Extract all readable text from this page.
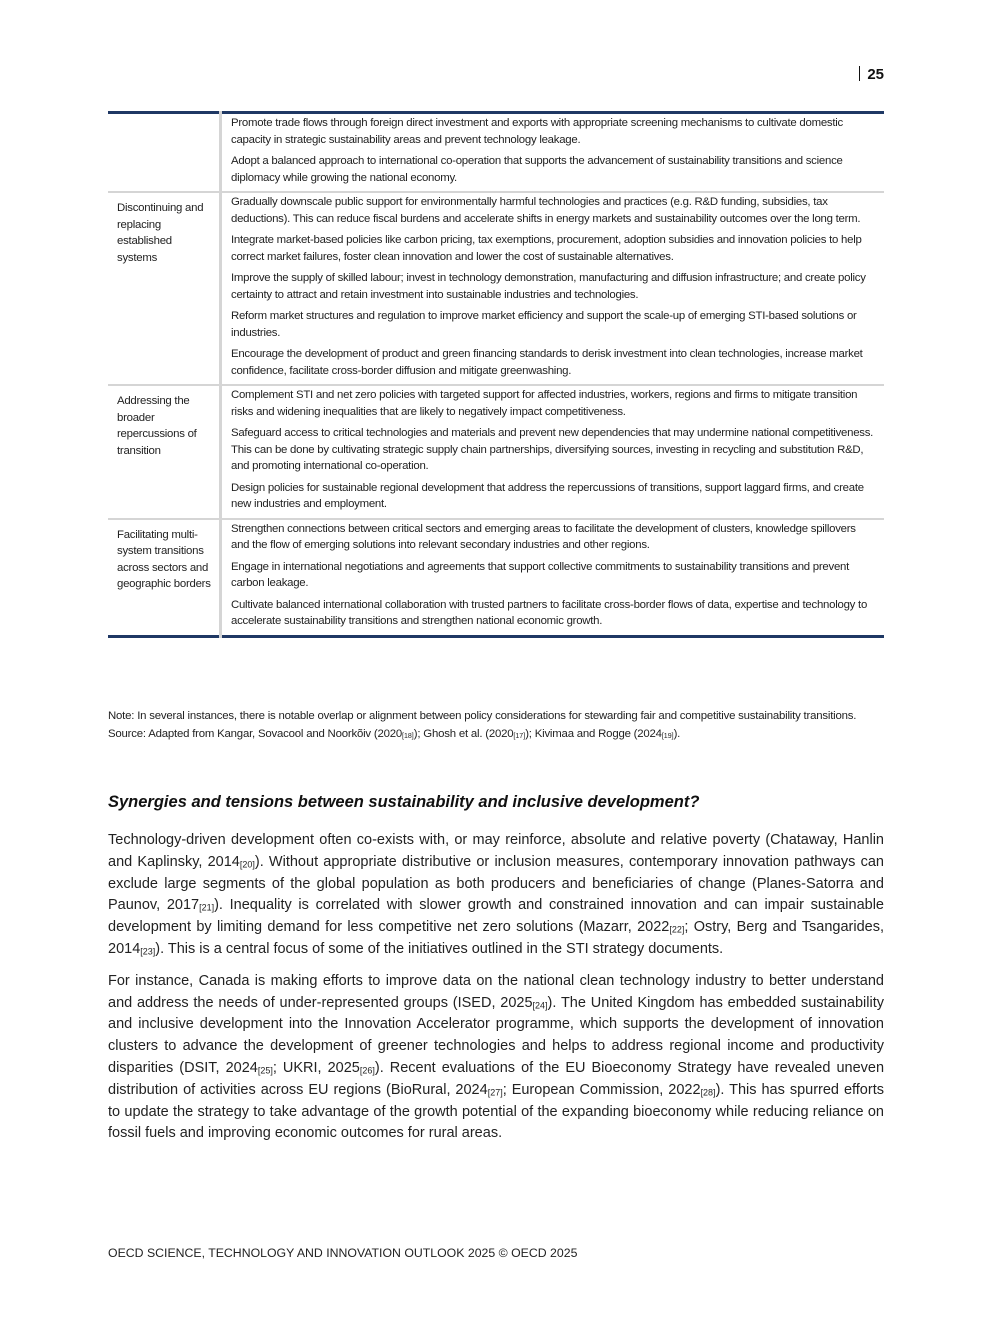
25

	Promote trade flows through foreign direct investment and exports with appropriate screening mechanisms to cultivate domestic capacity in strategic sustainability areas and prevent technology leakage.

Adopt a balanced approach to international co-operation that supports the advancement of sustainability transitions and science diplomacy while growing the national economy.

Discontinuing and replacing established systems	Gradually downscale public support for environmentally harmful technologies and practices (e.g. R&D funding, subsidies, tax deductions). This can reduce fiscal burdens and accelerate shifts in energy markets and sustainability outcomes over the long term.

Integrate market-based policies like carbon pricing, tax exemptions, procurement, adoption subsidies and innovation policies to help correct market failures, foster clean innovation and lower the cost of sustainable alternatives.

Improve the supply of skilled labour; invest in technology demonstration, manufacturing and diffusion infrastructure; and create policy certainty to attract and retain investment into sustainable industries and technologies.

Reform market structures and regulation to improve market efficiency and support the scale-up of emerging STI-based solutions or industries.

Encourage the development of product and green financing standards to derisk investment into clean technologies, increase market confidence, facilitate cross-border diffusion and mitigate greenwashing.

Addressing the broader repercussions of transition	Complement STI and net zero policies with targeted support for affected industries, workers, regions and firms to mitigate transition risks and widening inequalities that are likely to negatively impact competitiveness.

Safeguard access to critical technologies and materials and prevent new dependencies that may undermine national competitiveness. This can be done by cultivating strategic supply chain partnerships, diversifying sources, investing in recycling and substitution R&D, and promoting international co-operation.

Design policies for sustainable regional development that address the repercussions of transitions, support laggard firms, and create new industries and employment.

Facilitating multi-system transitions across sectors and geographic borders	Strengthen connections between critical sectors and emerging areas to facilitate the development of clusters, knowledge spillovers and the flow of emerging solutions into relevant secondary industries and other regions.

Engage in international negotiations and agreements that support collective commitments to sustainability transitions and prevent carbon leakage.

Cultivate balanced international collaboration with trusted partners to facilitate cross-border flows of data, expertise and technology to accelerate sustainability transitions and strengthen national economic growth.

Note: In several instances, there is notable overlap or alignment between policy considerations for stewarding fair and competitive sustainability transitions.

Source: Adapted from Kangar, Sovacool and Noorkõiv $(2020_{[18]})$; Ghosh et al. $(2020_{[17]})$; Kivimaa and Rogge $(2024_{[19]})$.

Synergies and tensions between sustainability and inclusive development?

Technology-driven development often co-exists with, or may reinforce, absolute and relative poverty (Chataway, Hanlin and Kaplinsky, $2014_{[20]}$). Without appropriate distributive or inclusion measures, contemporary innovation pathways can exclude large segments of the global population as both producers and beneficiaries of change (Planes-Satorra and Paunov, $2017_{[21]}$). Inequality is correlated with slower growth and constrained innovation and can impair sustainable development by limiting demand for less competitive net zero solutions (Mazarr, $2022_{[22]}$; Ostry, Berg and Tsangarides, $2014_{[23]}$). This is a central focus of some of the initiatives outlined in the STI strategy documents.

For instance, Canada is making efforts to improve data on the national clean technology industry to better understand and address the needs of under-represented groups (ISED, $2025_{[24]}$). The United Kingdom has embedded sustainability and inclusive development into the Innovation Accelerator programme, which supports the development of innovation clusters to advance the development of greener technologies and helps to address regional income and productivity disparities (DSIT, $2024_{[25]}$; UKRI, $2025_{[26]}$). Recent evaluations of the EU Bioeconomy Strategy have revealed uneven distribution of activities across EU regions (BioRural, $2024_{[27]}$; European Commission, $2022_{[28]}$). This has spurred efforts to update the strategy to take advantage of the growth potential of the expanding bioeconomy while reducing reliance on fossil fuels and improving economic outcomes for rural areas.

OECD SCIENCE, TECHNOLOGY AND INNOVATION OUTLOOK 2025 © OECD 2025
